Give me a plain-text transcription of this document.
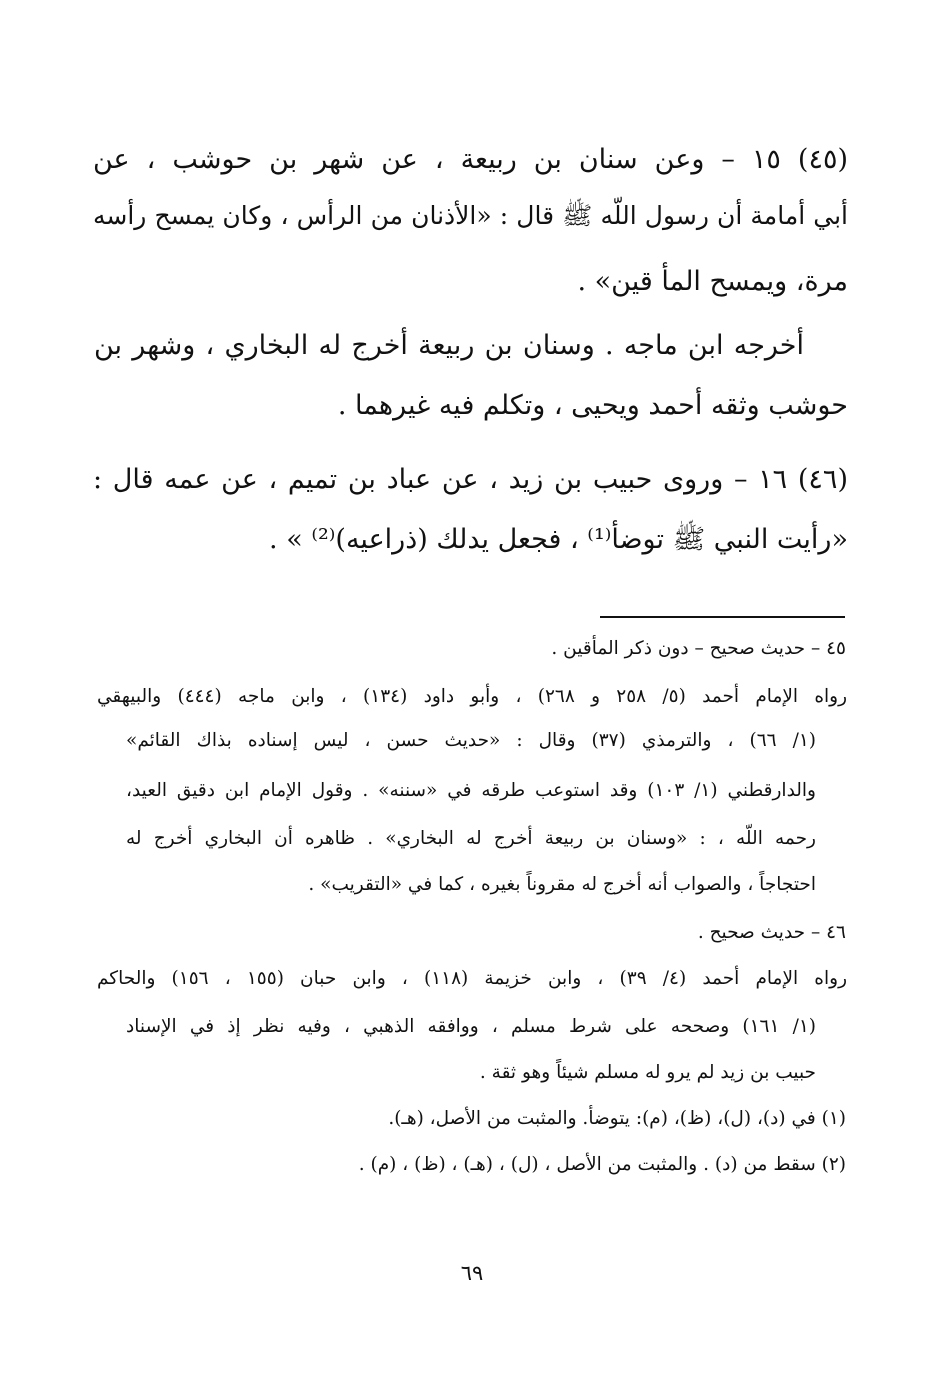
(٤٥) ١٥ – وعن سنان بن ربيعة ، عن شهر بن حوشب ، عن
أبي أمامة أن رسول اللّه ﷺ قال : «الأذنان من الرأس ، وكان يمسح رأسه
مرة، ويمسح المأ قين» .
أخرجه ابن ماجه . وسنان بن ربيعة أخرج له البخاري ، وشهر بن
حوشب وثقه أحمد ويحيى ، وتكلم فيه غيرهما .
(٤٦) ١٦ – وروى حبيب بن زيد ، عن عباد بن تميم ، عن عمه قال :
«رأيت النبي ﷺ توضأ⁽¹⁾ ، فجعل يدلك (ذراعيه)⁽²⁾ » .
٤٥ – حديث صحيح – دون ذكر المأقين .
رواه الإمام أحمد (٥/ ٢٥٨ و ٢٦٨) ، وأبو داود (١٣٤) ، وابن ماجه (٤٤٤) والبيهقي
(١/ ٦٦) ، والترمذي (٣٧) وقال : «حديث حسن ، ليس إسناده بذاك القائم»
والدارقطني (١/ ١٠٣) وقد استوعب طرقه في «سننه» . وقول الإمام ابن دقيق العيد،
رحمه اللّه ، : «وسنان بن ربيعة أخرج له البخاري» . ظاهره أن البخاري أخرج له
احتجاجاً ، والصواب أنه أخرج له مقروناً بغيره ، كما في «التقريب» .
٤٦ – حديث صحيح .
رواه الإمام أحمد (٤/ ٣٩) ، وابن خزيمة (١١٨) ، وابن حبان (١٥٥ ، ١٥٦) والحاكم
(١/ ١٦١) وصححه على شرط مسلم ، ووافقه الذهبي ، وفيه نظر إذ في الإسناد
حبيب بن زيد لم يرو له مسلم شيئاً وهو ثقة .
(١) في (د)، (ل)، (ظ)، (م): يتوضأ. والمثبت من الأصل، (هـ).
(٢) سقط من (د) . والمثبت من الأصل ، (ل) ، (هـ) ، (ظ) ، (م) .
٦٩
